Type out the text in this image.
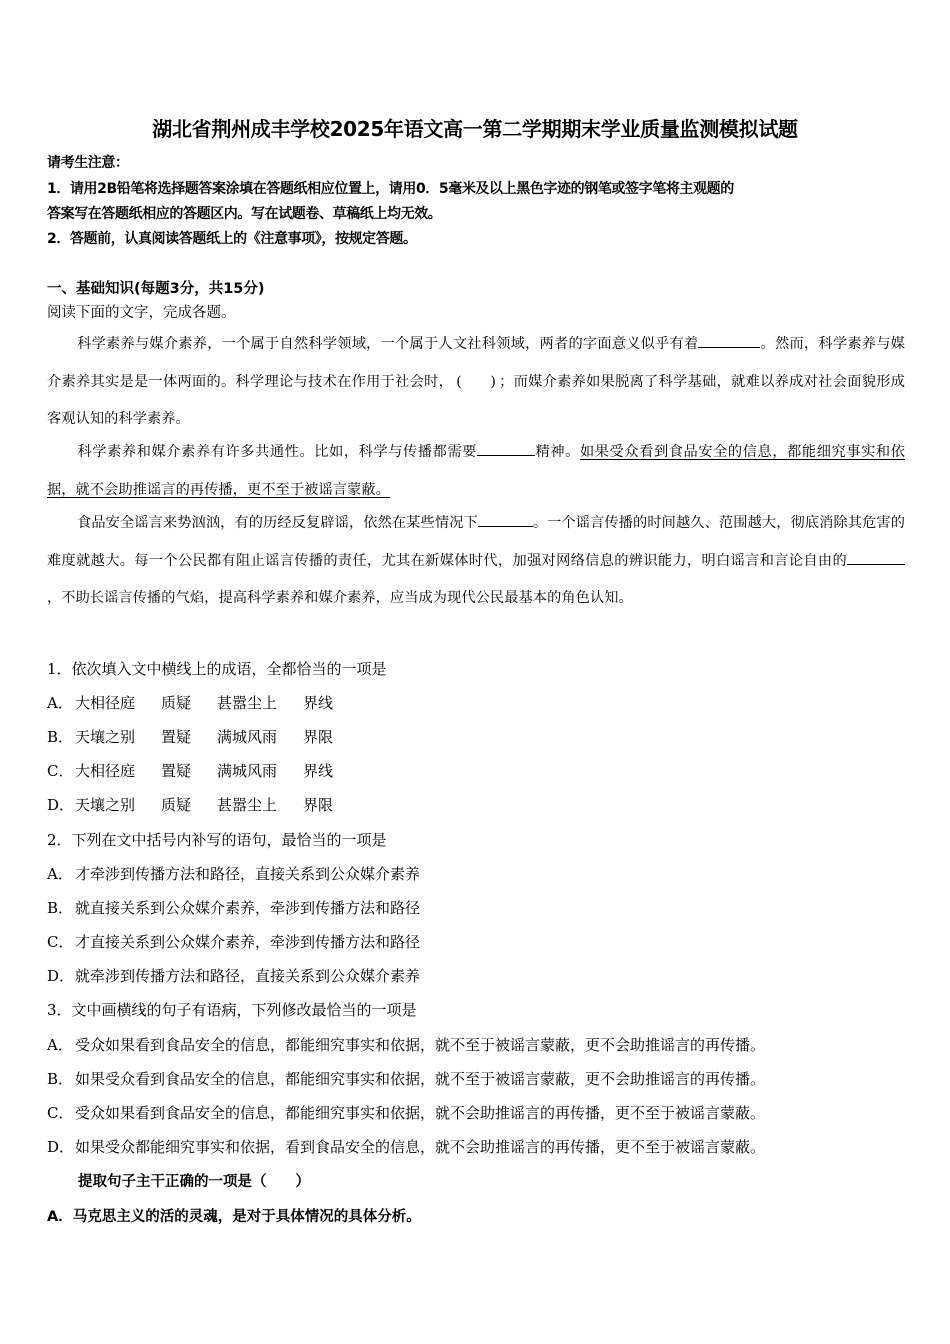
湖北省荆州成丰学校2025年语文高一第二学期期末学业质量监测模拟试题
请考生注意：
1．请用2B铅笔将选择题答案涂填在答题纸相应位置上，请用0．5毫米及以上黑色字迹的钢笔或签字笔将主观题的
答案写在答题纸相应的答题区内。写在试题卷、草稿纸上均无效。
2．答题前，认真阅读答题纸上的《注意事项》，按规定答题。
一、基础知识(每题3分，共15分)
阅读下面的文字，完成各题。
科学素养与媒介素养，一个属于自然科学领域，一个属于人文社科领域，两者的字面意义似乎有着	。然而，科学素养与媒介素养其实是是一体两面的。科学理论与技术在作用于社会时， (　　) ；而媒介素养如果脱离了科学基础，就难以养成对社会面貌形成客观认知的科学素养。
科学素养和媒介素养有许多共通性。比如，科学与传播都需要	精神。如果受众看到食品安全的信息，都能细究事实和依据，就不会助推谣言的再传播，更不至于被谣言蒙蔽。
食品安全谣言来势汹汹，有的历经反复辟谣，依然在某些情况下	。一个谣言传播的时间越久、范围越大，彻底消除其危害的难度就越大。每一个公民都有阻止谣言传播的责任，尤其在新媒体时代，加强对网络信息的辨识能力，明白谣言和言论自由的，不助长谣言传播的气焰，提高科学素养和媒介素养，应当成为现代公民最基本的角色认知。
1．依次填入文中横线上的成语，全都恰当的一项是
A． 大相径庭 质疑 甚嚣尘上 界线
B． 天壤之别 置疑 满城风雨 界限
C． 大相径庭 置疑 满城风雨 界线
D．天壤之别 质疑 甚嚣尘上 界限
2．下列在文中括号内补写的语句，最恰当的一项是
A． 才牵涉到传播方法和路径，直接关系到公众媒介素养
B． 就直接关系到公众媒介素养，牵涉到传播方法和路径
C． 才直接关系到公众媒介素养，牵涉到传播方法和路径
D．就牵涉到传播方法和路径，直接关系到公众媒介素养
3．文中画横线的句子有语病，下列修改最恰当的一项是
A． 受众如果看到食品安全的信息，都能细究事实和依据，就不至于被谣言蒙蔽，更不会助推谣言的再传播。
B． 如果受众看到食品安全的信息，都能细究事实和依据，就不至于被谣言蒙蔽，更不会助推谣言的再传播。
C． 受众如果看到食品安全的信息，都能细究事实和依据，就不会助推谣言的再传播，更不至于被谣言蒙蔽。
D．如果受众都能细究事实和依据，看到食品安全的信息，就不会助推谣言的再传播，更不至于被谣言蒙蔽。
提取句子主干正确的一项是（　　）
A．马克思主义的活的灵魂，是对于具体情况的具体分析。
